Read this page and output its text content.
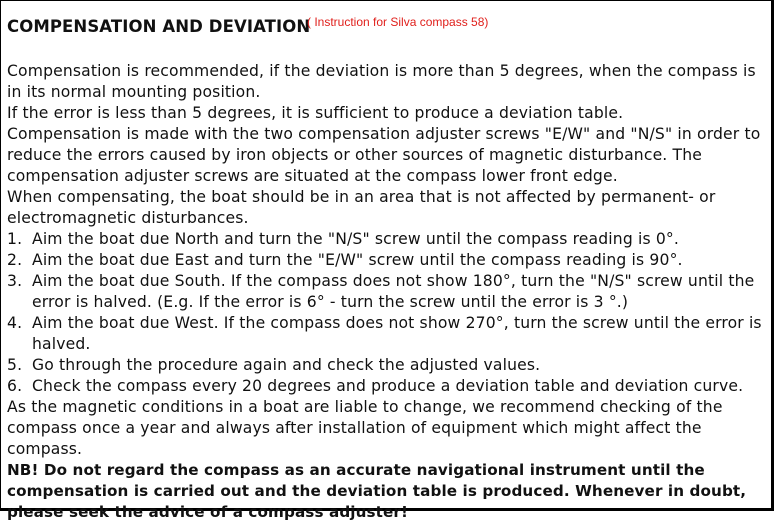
COMPENSATION AND DEVIATION
( Instruction for Silva compass 58)

Compensation is recommended, if the deviation is more than 5 degrees, when the compass is in its normal mounting position.

If the error is less than 5 degrees, it is sufficient to produce a deviation table.

Compensation is made with the two compensation adjuster screws "E/W" and "N/S" in order to reduce the errors caused by iron objects or other sources of magnetic disturbance. The compensation adjuster screws are situated at the compass lower front edge.

When compensating, the boat should be in an area that is not affected by permanent- or electromagnetic disturbances.

1. Aim the boat due North and turn the "N/S" screw until the compass reading is 0°.
2. Aim the boat due East and turn the "E/W" screw until the compass reading is 90°.
3. Aim the boat due South. If the compass does not show 180°, turn the "N/S" screw until the error is halved. (E.g. If the error is 6° - turn the screw until the error is 3 °.)
4. Aim the boat due West. If the compass does not show 270°, turn the screw until the error is halved.
5. Go through the procedure again and check the adjusted values.
6. Check the compass every 20 degrees and produce a deviation table and deviation curve.

As the magnetic conditions in a boat are liable to change, we recommend checking of the compass once a year and always after installation of equipment which might affect the compass.

NB! Do not regard the compass as an accurate navigational instrument until the compensation is carried out and the deviation table is produced. Whenever in doubt, please seek the advice of a compass adjuster!
